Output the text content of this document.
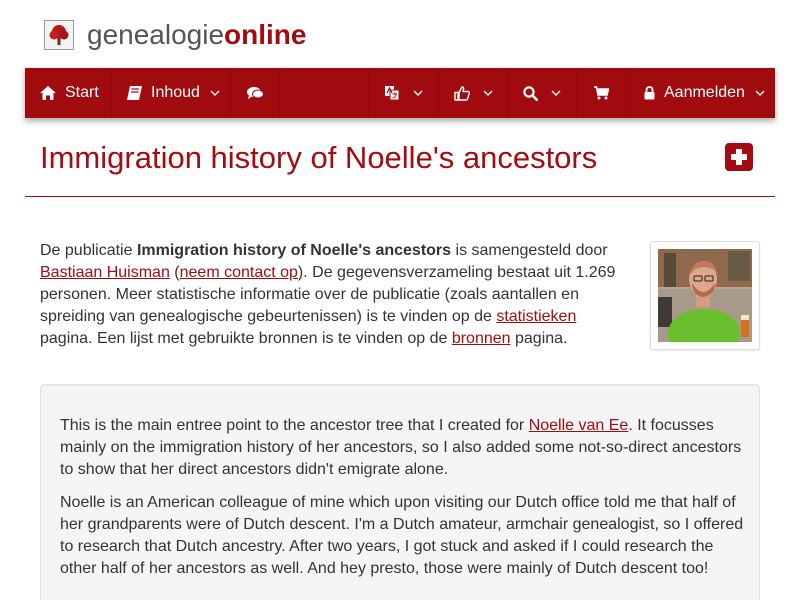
genealogieonline
Start	Inhoud	Aanmelden
Immigration history of Noelle's ancestors

De publicatie Immigration history of Noelle's ancestors is samengesteld door Bastiaan Huisman (neem contact op). De gegevensverzameling bestaat uit 1.269 personen. Meer statistische informatie over de publicatie (zoals aantallen en spreiding van genealogische gebeurtenissen) is te vinden op de statistieken pagina. Een lijst met gebruikte bronnen is te vinden op de bronnen pagina.

This is the main entree point to the ancestor tree that I created for Noelle van Ee. It focusses mainly on the immigration history of her ancestors, so I also added some not-so-direct ancestors to show that her direct ancestors didn't emigrate alone.

Noelle is an American colleague of mine which upon visiting our Dutch office told me that half of her grandparents were of Dutch descent. I'm a Dutch amateur, armchair genealogist, so I offered to research that Dutch ancestry. After two years, I got stuck and asked if I could research the other half of her ancestors as well. And hey presto, those were mainly of Dutch descent too!
